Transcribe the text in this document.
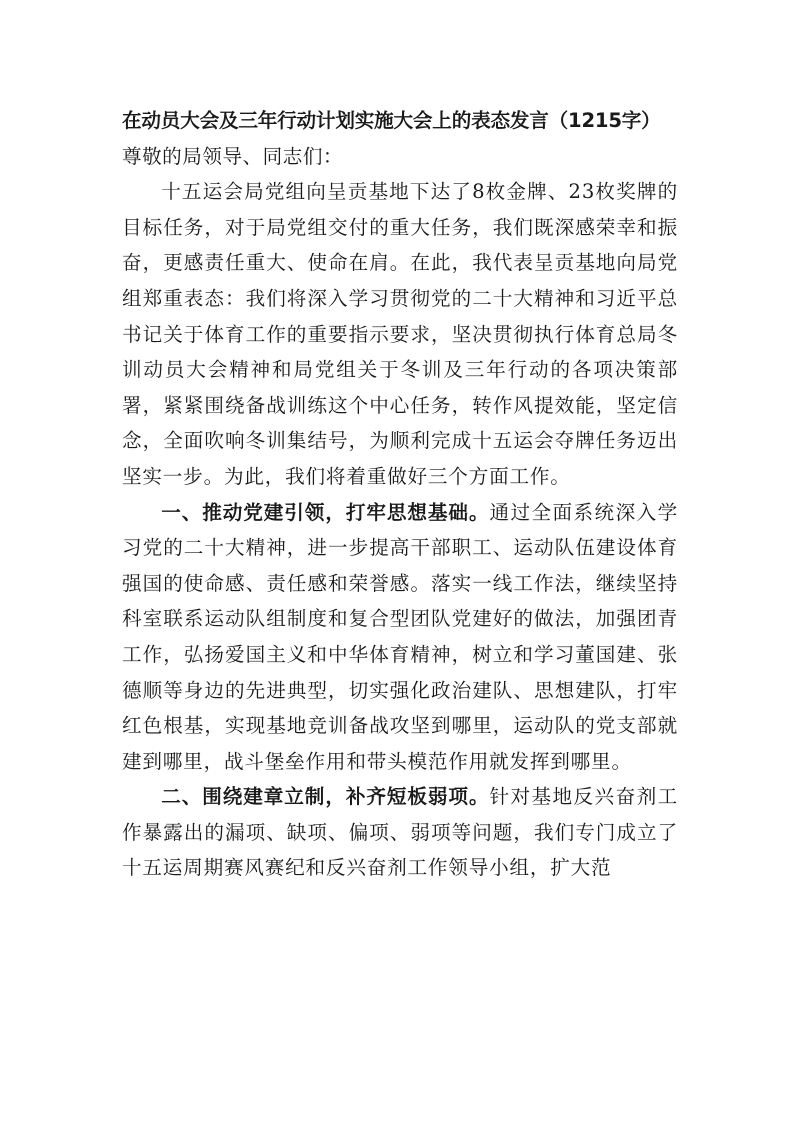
在动员大会及三年行动计划实施大会上的表态发言（1215字）

尊敬的局领导、同志们：

十五运会局党组向呈贡基地下达了8枚金牌、23枚奖牌的目标任务，对于局党组交付的重大任务，我们既深感荣幸和振奋，更感责任重大、使命在肩。在此，我代表呈贡基地向局党组郑重表态：我们将深入学习贯彻党的二十大精神和习近平总书记关于体育工作的重要指示要求，坚决贯彻执行体育总局冬训动员大会精神和局党组关于冬训及三年行动的各项决策部署，紧紧围绕备战训练这个中心任务，转作风提效能，坚定信念，全面吹响冬训集结号，为顺利完成十五运会夺牌任务迈出坚实一步。为此，我们将着重做好三个方面工作。

一、推动党建引领，打牢思想基础。通过全面系统深入学习党的二十大精神，进一步提高干部职工、运动队伍建设体育强国的使命感、责任感和荣誉感。落实一线工作法，继续坚持科室联系运动队组制度和复合型团队党建好的做法，加强团青工作，弘扬爱国主义和中华体育精神，树立和学习董国建、张德顺等身边的先进典型，切实强化政治建队、思想建队，打牢红色根基，实现基地竞训备战攻坚到哪里，运动队的党支部就建到哪里，战斗堡垒作用和带头模范作用就发挥到哪里。

二、围绕建章立制，补齐短板弱项。针对基地反兴奋剂工作暴露出的漏项、缺项、偏项、弱项等问题，我们专门成立了十五运周期赛风赛纪和反兴奋剂工作领导小组，扩大范
